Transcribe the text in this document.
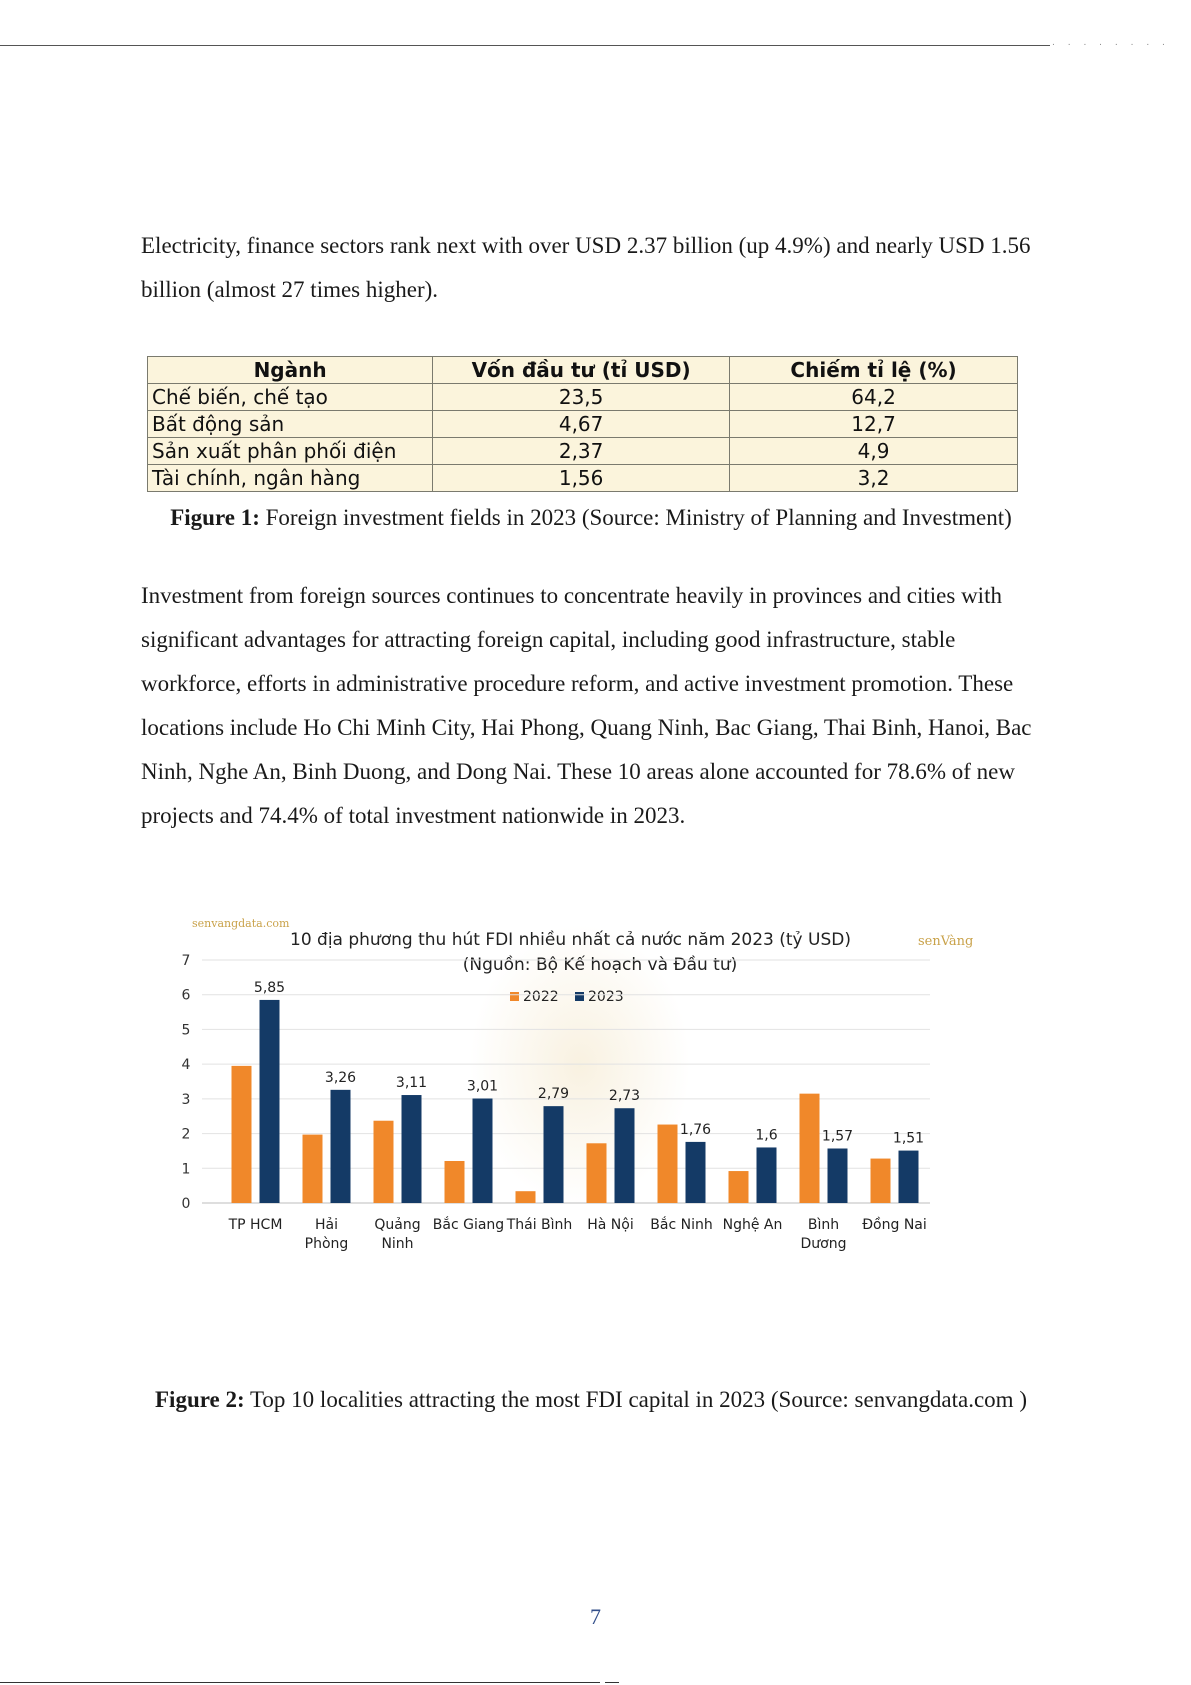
. . . . . . . .

Electricity, finance sectors rank next with over USD 2.37 billion (up 4.9%) and nearly USD 1.56 billion (almost 27 times higher).

Ngành	Vốn đầu tư (tỉ USD)	Chiếm tỉ lệ (%)
Chế biến, chế tạo	23,5	64,2
Bất động sản	4,67	12,7
Sản xuất phân phối điện	2,37	4,9
Tài chính, ngân hàng	1,56	3,2

Figure 1: Foreign investment fields in 2023 (Source: Ministry of Planning and Investment)

Investment from foreign sources continues to concentrate heavily in provinces and cities with significant advantages for attracting foreign capital, including good infrastructure, stable workforce, efforts in administrative procedure reform, and active investment promotion. These locations include Ho Chi Minh City, Hai Phong, Quang Ninh, Bac Giang, Thai Binh, Hanoi, Bac Ninh, Nghe An, Binh Duong, and Dong Nai. These 10 areas alone accounted for 78.6% of new projects and 74.4% of total investment nationwide in 2023.

senvangdata.com
10 địa phương thu hút FDI nhiều nhất cả nước năm 2023 (tỷ USD)	senVàng
(Nguồn: Bộ Kế hoạch và Đầu tư)
2022 2023
0
1
2
3
4
5
6
7
5,85
3,26	3,11	3,01	2,79	2,73
1,76	1,6	1,57	1,51
TP HCM Hải
Phòng
Quảng
Ninh
Bắc Giang Thái Bình Hà Nội Bắc Ninh Nghệ An Bình
Dương
Đồng Nai

Figure 2: Top 10 localities attracting the most FDI capital in 2023 (Source: senvangdata.com )

7
